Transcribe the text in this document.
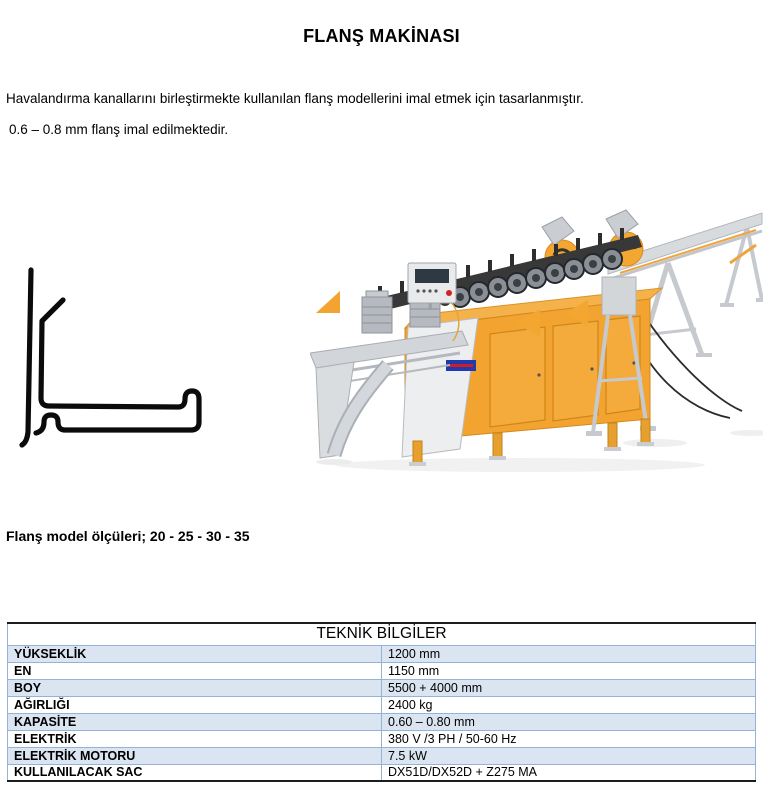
FLANŞ MAKİNASI
Havalandırma kanallarını birleştirmekte kullanılan flanş modellerini imal etmek için tasarlanmıştır.
0.6 – 0.8 mm flanş imal edilmektedir.
Flanş model ölçüleri; 20 - 25 - 30 - 35
TEKNİK BİLGİLER	
YÜKSEKLİK	1200 mm
EN	1150 mm
BOY	5500 + 4000 mm
AĞIRLIĞI	2400 kg
KAPASİTE	0.60 – 0.80 mm
ELEKTRİK	380 V /3 PH / 50-60 Hz
ELEKTRİK MOTORU	7.5 kW
KULLANILACAK SAC	DX51D/DX52D + Z275 MA
